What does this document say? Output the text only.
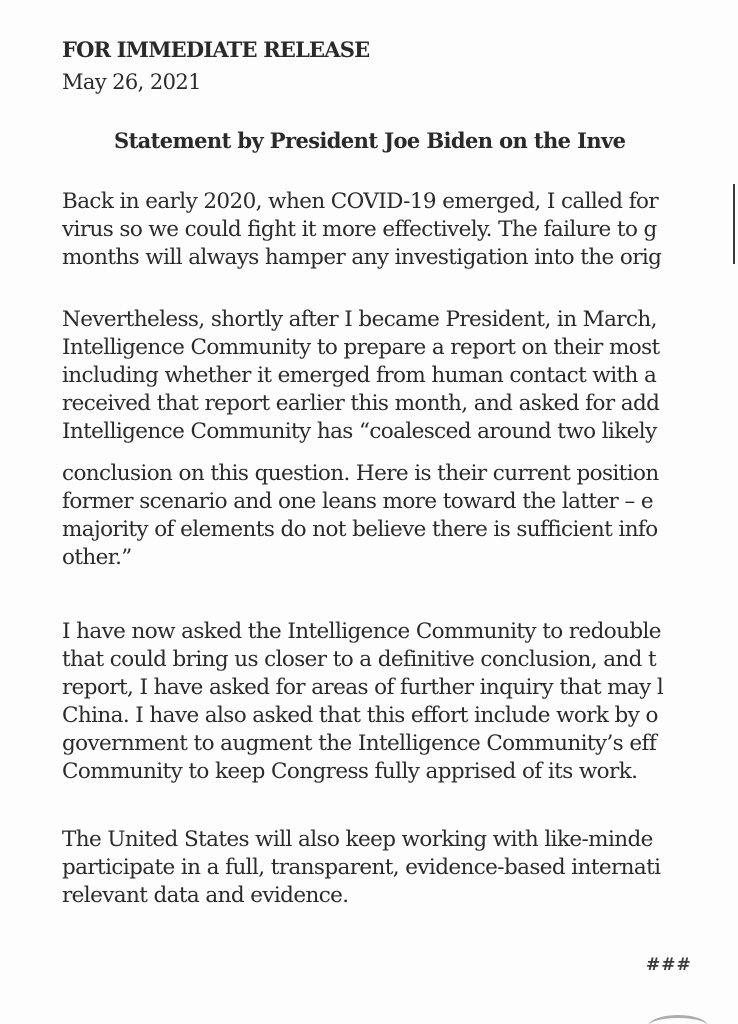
FOR IMMEDIATE RELEASE
May 26, 2021
Statement by President Joe Biden on the Inve
Back in early 2020, when COVID-19 emerged, I called for
virus so we could fight it more effectively. The failure to g
months will always hamper any investigation into the orig
Nevertheless, shortly after I became President, in March,
Intelligence Community to prepare a report on their most
including whether it emerged from human contact with a
received that report earlier this month, and asked for add
Intelligence Community has “coalesced around two likely
conclusion on this question. Here is their current position
former scenario and one leans more toward the latter – e
majority of elements do not believe there is sufficient info
other.”
I have now asked the Intelligence Community to redouble
that could bring us closer to a definitive conclusion, and t
report, I have asked for areas of further inquiry that may l
China. I have also asked that this effort include work by o
government to augment the Intelligence Community’s eff
Community to keep Congress fully apprised of its work.
The United States will also keep working with like-minde
participate in a full, transparent, evidence-based internati
relevant data and evidence.
###
